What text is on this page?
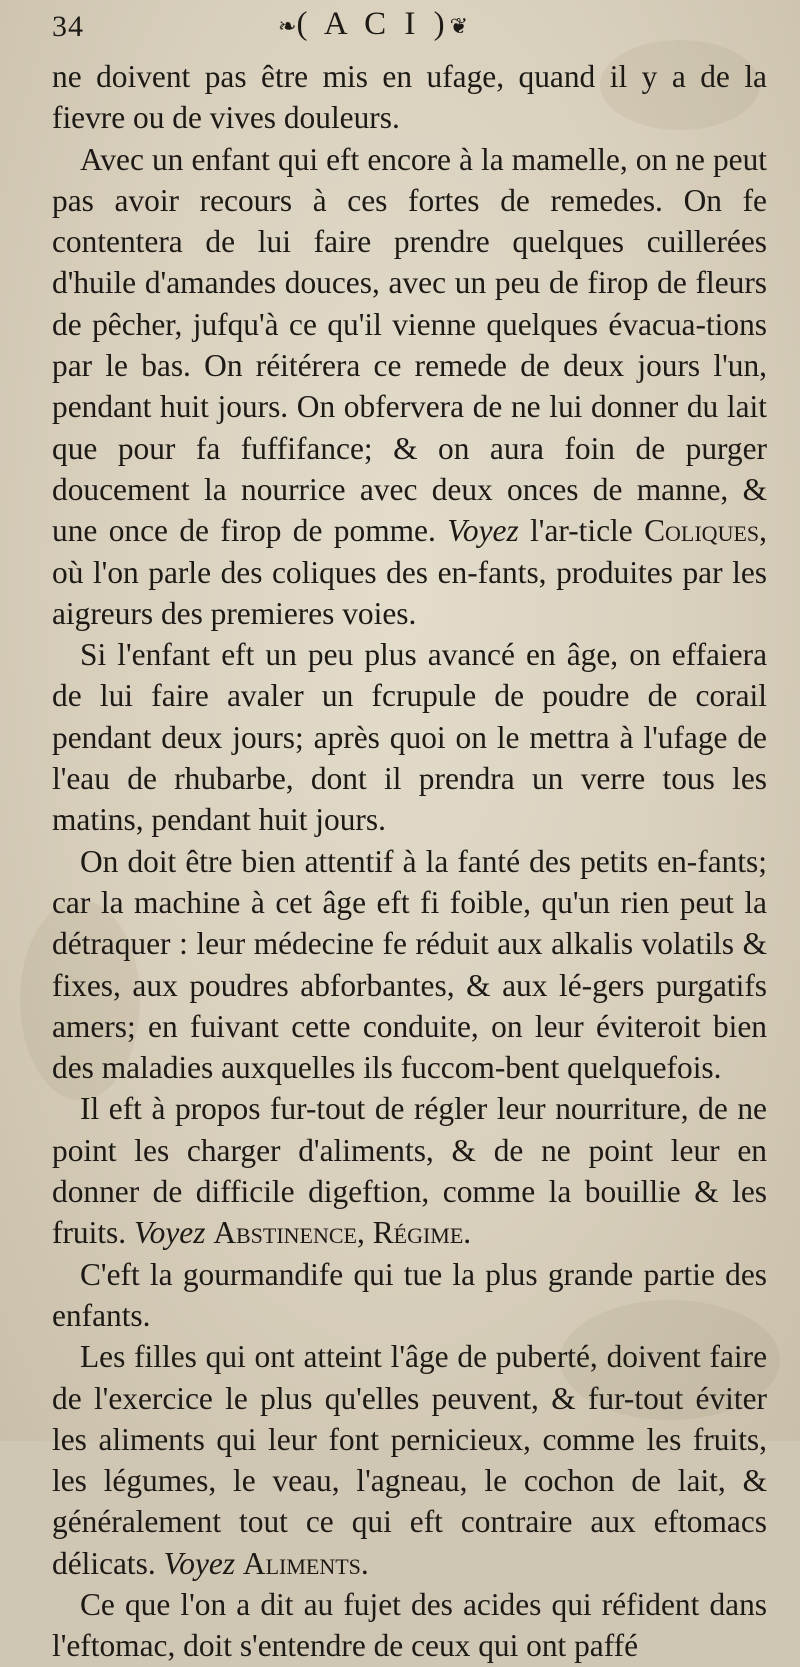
34	❧( A C I )❦

ne doivent pas être mis en ufage, quand il y a de la fievre ou de vives douleurs.

Avec un enfant qui eft encore à la mamelle, on ne peut pas avoir recours à ces fortes de remedes. On fe contentera de lui faire prendre quelques cuillerées d'huile d'amandes douces, avec un peu de firop de fleurs de pêcher, jufqu'à ce qu'il vienne quelques évacua-tions par le bas. On réitérera ce remede de deux jours l'un, pendant huit jours. On obfervera de ne lui donner du lait que pour fa fuffifance; & on aura foin de purger doucement la nourrice avec deux onces de manne, & une once de firop de pomme. Voyez l'ar-ticle Coliques, où l'on parle des coliques des en-fants, produites par les aigreurs des premieres voies.

Si l'enfant eft un peu plus avancé en âge, on effaiera de lui faire avaler un fcrupule de poudre de corail pendant deux jours; après quoi on le mettra à l'ufage de l'eau de rhubarbe, dont il prendra un verre tous les matins, pendant huit jours.

On doit être bien attentif à la fanté des petits en-fants; car la machine à cet âge eft fi foible, qu'un rien peut la détraquer : leur médecine fe réduit aux alkalis volatils & fixes, aux poudres abforbantes, & aux lé-gers purgatifs amers; en fuivant cette conduite, on leur éviteroit bien des maladies auxquelles ils fuccom-bent quelquefois.

Il eft à propos fur-tout de régler leur nourriture, de ne point les charger d'aliments, & de ne point leur en donner de difficile digeftion, comme la bouillie & les fruits. Voyez Abstinence, Régime.

C'eft la gourmandife qui tue la plus grande partie des enfants.

Les filles qui ont atteint l'âge de puberté, doivent faire de l'exercice le plus qu'elles peuvent, & fur-tout éviter les aliments qui leur font pernicieux, comme les fruits, les légumes, le veau, l'agneau, le cochon de lait, & généralement tout ce qui eft contraire aux eftomacs délicats. Voyez Aliments.

Ce que l'on a dit au fujet des acides qui réfident dans l'eftomac, doit s'entendre de ceux qui ont paffé
